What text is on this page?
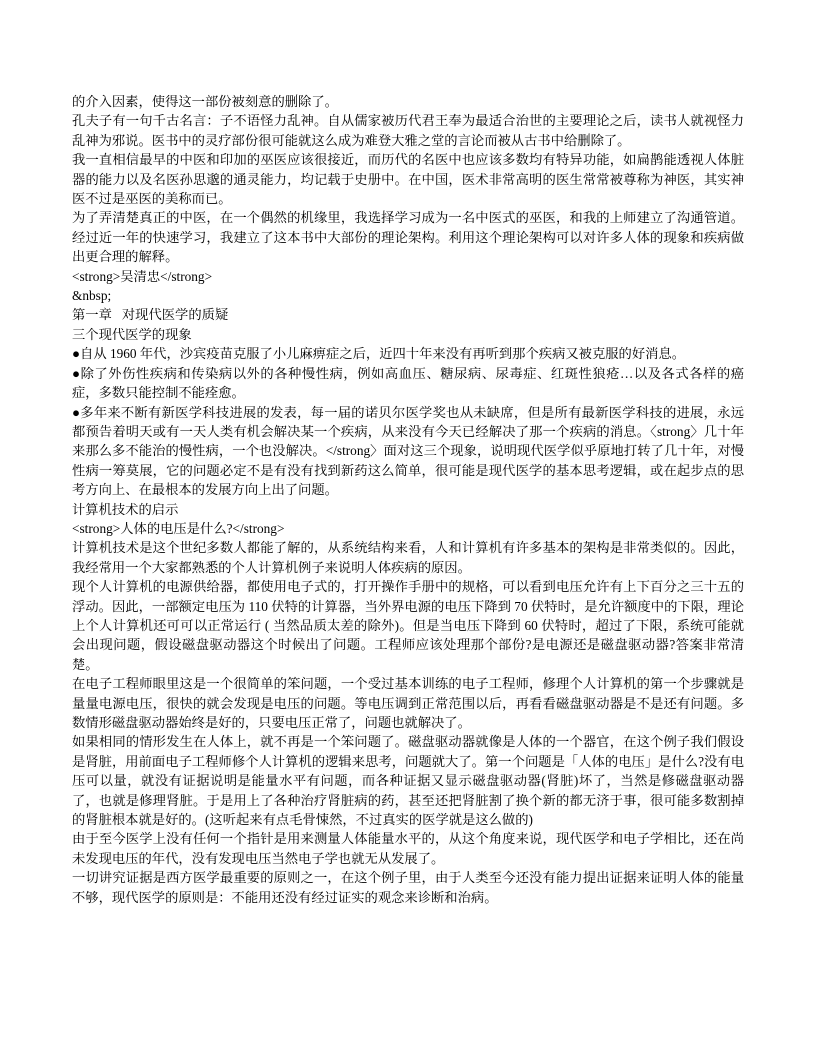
的介入因素，使得这一部份被刻意的删除了。

孔夫子有一句千古名言：子不语怪力乱神。自从儒家被历代君王奉为最适合治世的主要理论之后，读书人就视怪力乱神为邪说。医书中的灵疗部份很可能就这么成为难登大雅之堂的言论而被从古书中给删除了。

我一直相信最早的中医和印加的巫医应该很接近，而历代的名医中也应该多数均有特异功能，如扁鹊能透视人体脏器的能力以及名医孙思邈的通灵能力，均记载于史册中。在中国，医术非常高明的医生常常被尊称为神医，其实神医不过是巫医的美称而已。

为了弄清楚真正的中医，在一个偶然的机缘里，我选择学习成为一名中医式的巫医，和我的上师建立了沟通管道。经过近一年的快速学习，我建立了这本书中大部份的理论架构。利用这个理论架构可以对许多人体的现象和疾病做出更合理的解释。

<strong>吴清忠</strong>

&nbsp;

第一章   对现代医学的质疑

三个现代医学的现象

●自从 1960 年代，沙宾疫苗克服了小儿麻痹症之后，近四十年来没有再听到那个疾病又被克服的好消息。

●除了外伤性疾病和传染病以外的各种慢性病，例如高血压、糖尿病、尿毒症、红斑性狼疮…以及各式各样的癌症，多数只能控制不能痊愈。

●多年来不断有新医学科技进展的发表，每一届的诺贝尔医学奖也从未缺席，但是所有最新医学科技的进展，永远都预告着明天或有一天人类有机会解决某一个疾病，从来没有今天已经解决了那一个疾病的消息。〈strong〉几十年来那么多不能治的慢性病，一个也没解决。</strong〉面对这三个现象，说明现代医学似乎原地打转了几十年，对慢性病一筹莫展，它的问题必定不是有没有找到新药这么简单，很可能是现代医学的基本思考逻辑，或在起步点的思考方向上、在最根本的发展方向上出了问题。

计算机技术的启示

<strong>人体的电压是什么?</strong>

计算机技术是这个世纪多数人都能了解的，从系统结构来看，人和计算机有许多基本的架构是非常类似的。因此，我经常用一个大家都熟悉的个人计算机例子来说明人体疾病的原因。

现个人计算机的电源供给器，都使用电子式的，打开操作手册中的规格，可以看到电压允许有上下百分之三十五的浮动。因此，一部额定电压为 110 伏特的计算器，当外界电源的电压下降到 70 伏特时，是允许额度中的下限，理论上个人计算机还可可以正常运行 ( 当然品质太差的除外)。但是当电压下降到 60 伏特时，超过了下限，系统可能就会出现问题，假设磁盘驱动器这个时候出了问题。工程师应该处理那个部份?是电源还是磁盘驱动器?答案非常清楚。

在电子工程师眼里这是一个很简单的笨问题，一个受过基本训练的电子工程师，修理个人计算机的第一个步骤就是量量电源电压，很快的就会发现是电压的问题。等电压调到正常范围以后，再看看磁盘驱动器是不是还有问题。多数情形磁盘驱动器始终是好的，只要电压正常了，问题也就解决了。

如果相同的情形发生在人体上，就不再是一个笨问题了。磁盘驱动器就像是人体的一个器官，在这个例子我们假设是肾脏，用前面电子工程师修个人计算机的逻辑来思考，问题就大了。第一个问题是「人体的电压」是什么?没有电压可以量，就没有证据说明是能量水平有问题，而各种证据又显示磁盘驱动器(肾脏)坏了，当然是修磁盘驱动器了，也就是修理肾脏。于是用上了各种治疗肾脏病的药，甚至还把肾脏割了换个新的都无济于事，很可能多数割掉的肾脏根本就是好的。(这听起来有点毛骨悚然，不过真实的医学就是这么做的)

由于至今医学上没有任何一个指针是用来测量人体能量水平的，从这个角度来说，现代医学和电子学相比，还在尚未发现电压的年代，没有发现电压当然电子学也就无从发展了。

一切讲究证据是西方医学最重要的原则之一，在这个例子里，由于人类至今还没有能力提出证据来证明人体的能量不够，现代医学的原则是：不能用还没有经过证实的观念来诊断和治病。
